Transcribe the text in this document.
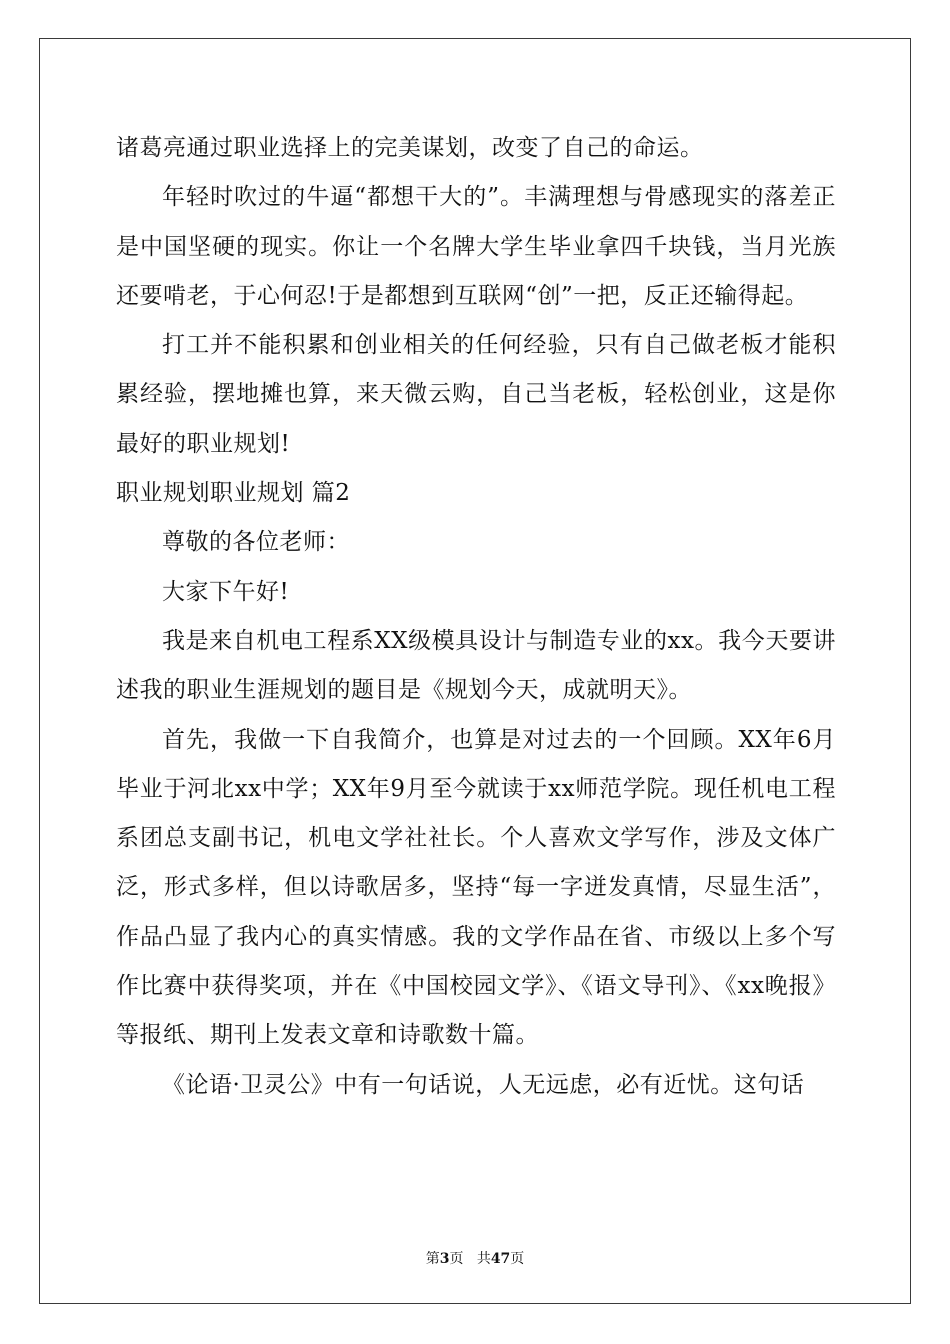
诸葛亮通过职业选择上的完美谋划，改变了自己的命运。

年轻时吹过的牛逼“都想干大的”。丰满理想与骨感现实的落差正是中国坚硬的现实。你让一个名牌大学生毕业拿四千块钱，当月光族还要啃老，于心何忍!于是都想到互联网“创”一把，反正还输得起。

打工并不能积累和创业相关的任何经验，只有自己做老板才能积累经验，摆地摊也算，来天微云购，自己当老板，轻松创业，这是你最好的职业规划!

职业规划职业规划 篇2

尊敬的各位老师：

大家下午好!

我是来自机电工程系XX级模具设计与制造专业的xx。我今天要讲述我的职业生涯规划的题目是《规划今天，成就明天》。

首先，我做一下自我简介，也算是对过去的一个回顾。XX年6月毕业于河北xx中学；XX年9月至今就读于xx师范学院。现任机电工程系团总支副书记，机电文学社社长。个人喜欢文学写作，涉及文体广泛，形式多样，但以诗歌居多，坚持“每一字迸发真情，尽显生活”，作品凸显了我内心的真实情感。我的文学作品在省、市级以上多个写作比赛中获得奖项，并在《中国校园文学》、《语文导刊》、《xx晚报》等报纸、期刊上发表文章和诗歌数十篇。

《论语·卫灵公》中有一句话说，人无远虑，必有近忧。这句话

第3页 共47页
